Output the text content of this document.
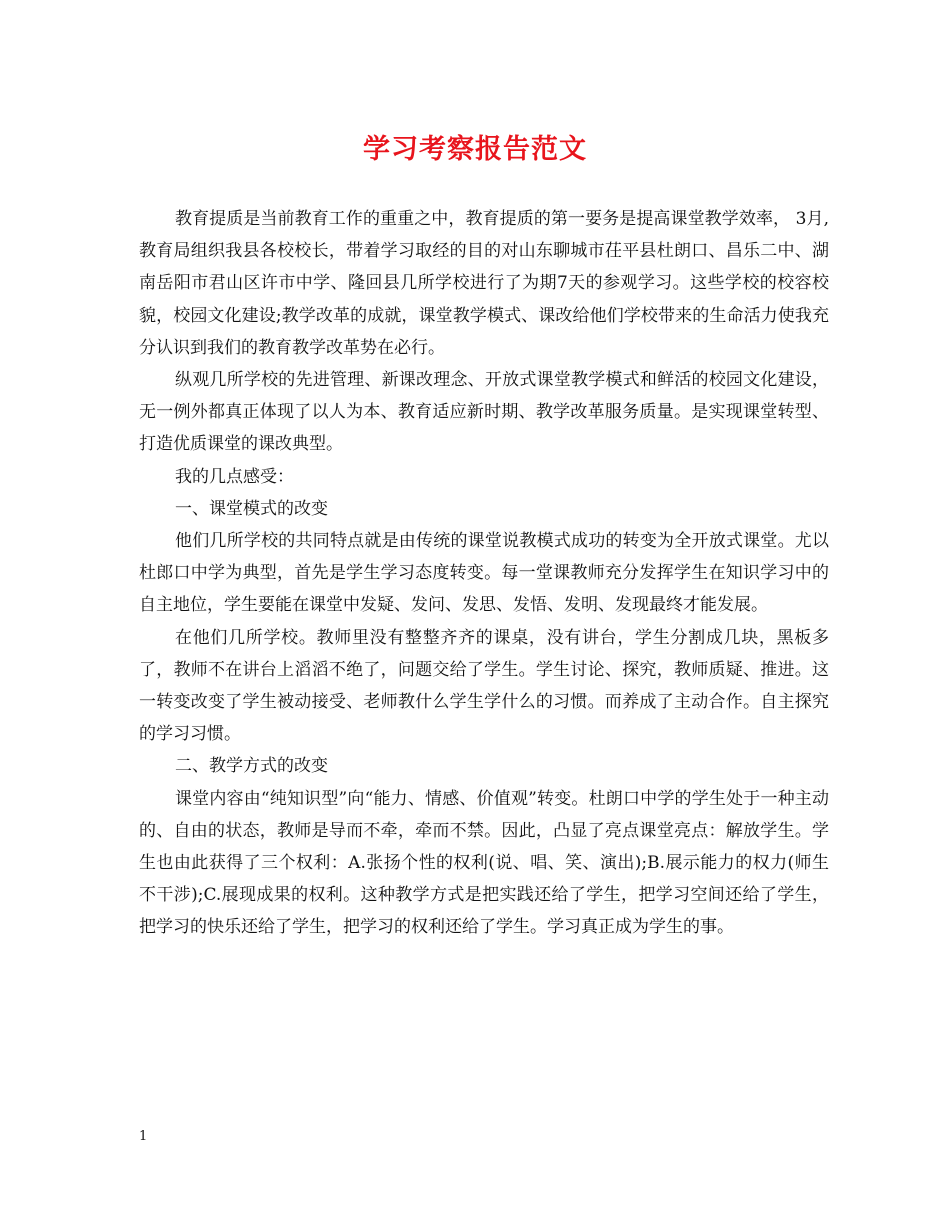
学习考察报告范文

教育提质是当前教育工作的重重之中，教育提质的第一要务是提高课堂教学效率， 3月,教育局组织我县各校校长，带着学习取经的目的对山东聊城市茌平县杜朗口、昌乐二中、湖南岳阳市君山区许市中学、隆回县几所学校进行了为期7天的参观学习。这些学校的校容校貌，校园文化建设;教学改革的成就，课堂教学模式、课改给他们学校带来的生命活力使我充分认识到我们的教育教学改革势在必行。

纵观几所学校的先进管理、新课改理念、开放式课堂教学模式和鲜活的校园文化建设，无一例外都真正体现了以人为本、教育适应新时期、教学改革服务质量。是实现课堂转型、打造优质课堂的课改典型。

我的几点感受：

一、课堂模式的改变

他们几所学校的共同特点就是由传统的课堂说教模式成功的转变为全开放式课堂。尤以杜郎口中学为典型，首先是学生学习态度转变。每一堂课教师充分发挥学生在知识学习中的自主地位，学生要能在课堂中发疑、发问、发思、发悟、发明、发现最终才能发展。

在他们几所学校。教师里没有整整齐齐的课桌，没有讲台，学生分割成几块，黑板多了，教师不在讲台上滔滔不绝了，问题交给了学生。学生讨论、探究，教师质疑、推进。这一转变改变了学生被动接受、老师教什么学生学什么的习惯。而养成了主动合作。自主探究的学习习惯。

二、教学方式的改变

课堂内容由“纯知识型”向“能力、情感、价值观”转变。杜朗口中学的学生处于一种主动的、自由的状态，教师是导而不牵，牵而不禁。因此，凸显了亮点课堂亮点：解放学生。学生也由此获得了三个权利：A.张扬个性的权利(说、唱、笑、演出);B.展示能力的权力(师生不干涉);C.展现成果的权利。这种教学方式是把实践还给了学生，把学习空间还给了学生，把学习的快乐还给了学生，把学习的权利还给了学生。学习真正成为学生的事。

1
